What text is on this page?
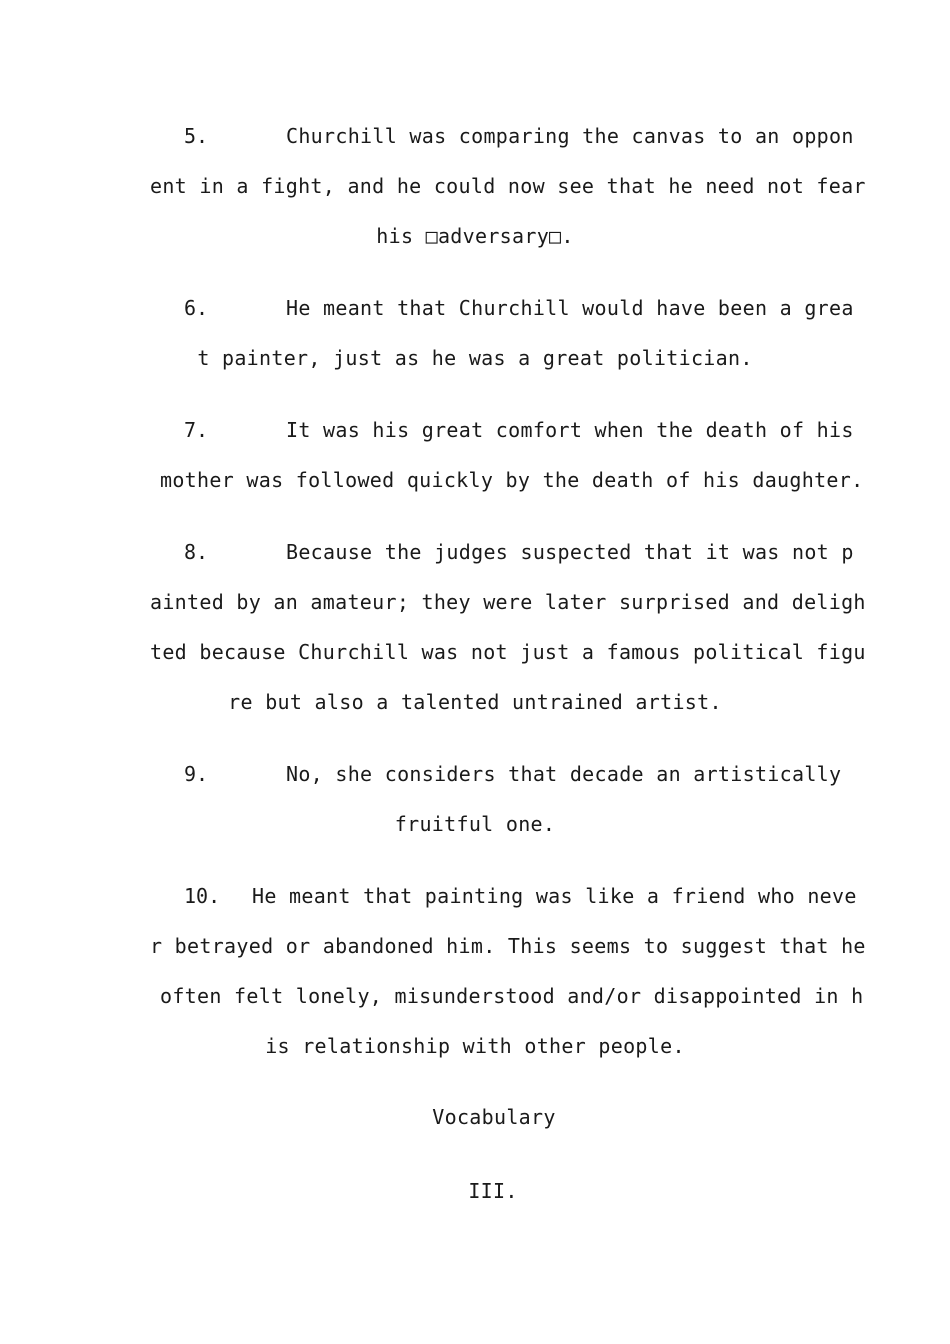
5.	Churchill was comparing the canvas to an oppon
ent in a fight, and he could now see that he need not fear
his □adversary□.
6.	He meant that Churchill would have been a grea
t painter, just as he was a great politician.
7.	It was his great comfort when the death of his
mother was followed quickly by the death of his daughter.
8.	Because the judges suspected that it was not p
ainted by an amateur; they were later surprised and deligh
ted because Churchill was not just a famous political figu
re but also a talented untrained artist.
9.	No, she considers that decade an artistically
fruitful one.
10. He meant that painting was like a friend who neve
r betrayed or abandoned him. This seems to suggest that he
often felt lonely, misunderstood and/or disappointed in h
is relationship with other people.
Vocabulary
III.
